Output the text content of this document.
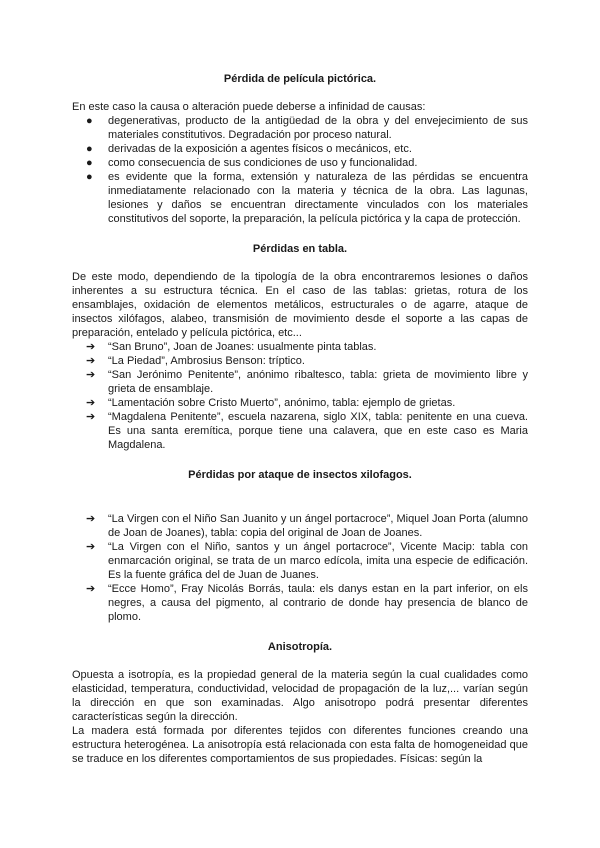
Pérdida de película pictórica.

En este caso la causa o alteración puede deberse a infinidad de causas:

●	degenerativas, producto de la antigüedad de la obra y del envejecimiento de sus materiales constitutivos. Degradación por proceso natural.
●	derivadas de la exposición a agentes físicos o mecánicos, etc.
●	como consecuencia de sus condiciones de uso y funcionalidad.
●	es evidente que la forma, extensión y naturaleza de las pérdidas se encuentra inmediatamente relacionado con la materia y técnica de la obra. Las lagunas, lesiones y daños se encuentran directamente vinculados con los materiales constitutivos del soporte, la preparación, la película pictórica y la capa de protección.

Pérdidas en tabla.

De este modo, dependiendo de la tipología de la obra encontraremos lesiones o daños inherentes a su estructura técnica. En el caso de las tablas: grietas, rotura de los ensamblajes, oxidación de elementos metálicos, estructurales o de agarre, ataque de insectos xilófagos, alabeo, transmisión de movimiento desde el soporte a las capas de preparación, entelado y película pictórica, etc...

➔	“San Bruno”, Joan de Joanes: usualmente pinta tablas.
➔	“La Piedad”, Ambrosius Benson: tríptico.
➔	“San Jerónimo Penitente”, anónimo ribaltesco, tabla: grieta de movimiento libre y grieta de ensamblaje.
➔	“Lamentación sobre Cristo Muerto”, anónimo, tabla: ejemplo de grietas.
➔	“Magdalena Penitente”, escuela nazarena, siglo XIX, tabla: penitente en una cueva. Es una santa eremítica, porque tiene una calavera, que en este caso es Maria Magdalena.

Pérdidas por ataque de insectos xilofagos.

➔	“La Virgen con el Niño San Juanito y un ángel portacroce”, Miquel Joan Porta (alumno de Joan de Joanes), tabla: copia del original de Joan de Joanes.
➔	“La Virgen con el Niño, santos y un ángel portacroce”, Vicente Macip: tabla con enmarcación original, se trata de un marco edícola, imita una especie de edificación. Es la fuente gráfica del de Juan de Juanes.
➔	“Ecce Homo”, Fray Nicolás Borrás, taula: els danys estan en la part inferior, on els negres, a causa del pigmento, al contrario de donde hay presencia de blanco de plomo.

Anisotropía.

Opuesta a isotropía, es la propiedad general de la materia según la cual cualidades como elasticidad, temperatura, conductividad, velocidad de propagación de la luz,... varían según la dirección en que son examinadas. Algo anisotropo podrá presentar diferentes características según la dirección.

La madera está formada por diferentes tejidos con diferentes funciones creando una estructura heterogénea. La anisotropía está relacionada con esta falta de homogeneidad que se traduce en los diferentes comportamientos de sus propiedades. Físicas: según la
